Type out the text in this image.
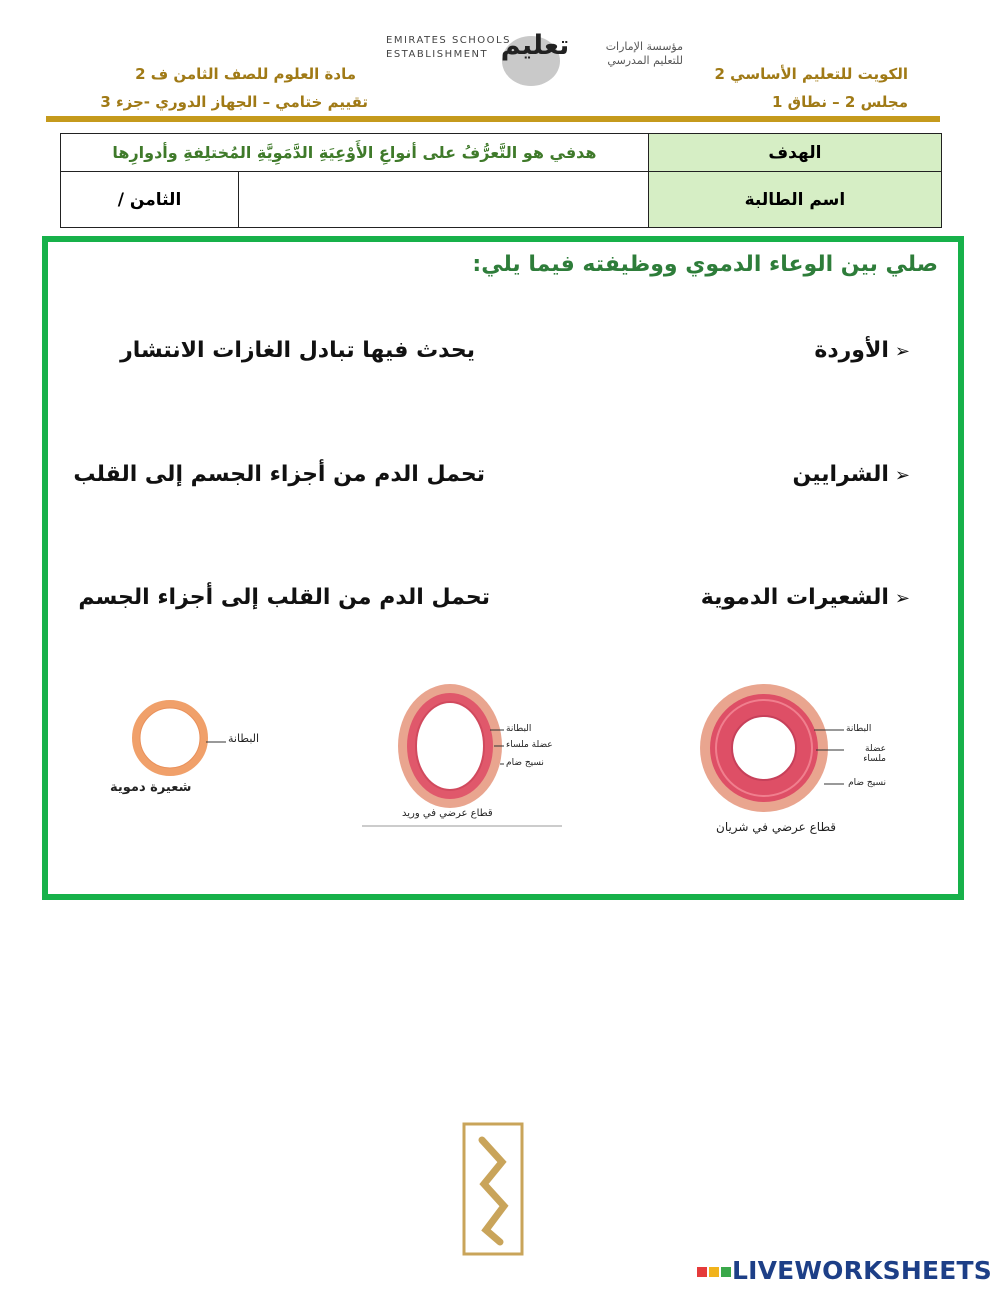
الكويت للتعليم الأساسي 2
مجلس 2 – نطاق 1
مادة العلوم للصف الثامن ف 2
تقييم ختامي – الجهاز الدوري -جزء 3
EMIRATES SCHOOLS
ESTABLISHMENT تعليم	مؤسسة الإمارات
للتعليم المدرسي
الهدف	هدفي هو التَّعرُّفُ على أنواعِ الأَوْعِيَةِ الدَّمَوِيَّةِ المُختلِفةِ وأدوارِها	
اسم الطالبة		الثامن /
صلي بين الوعاء الدموي ووظيفته فيما يلي:
➢الأوردة
➢الشرايين
➢الشعيرات الدموية
يحدث فيها تبادل الغازات الانتشار
تحمل الدم من أجزاء الجسم إلى القلب
تحمل الدم من القلب إلى أجزاء الجسم
البطانة
شعيرة دموية
البطانة
عضلة ملساء
نسيج ضام
قطاع عرضي في وريد
البطانة
عضلة ملساء
نسيج ضام
قطاع عرضي في شريان
LIVEWORKSHEETS
